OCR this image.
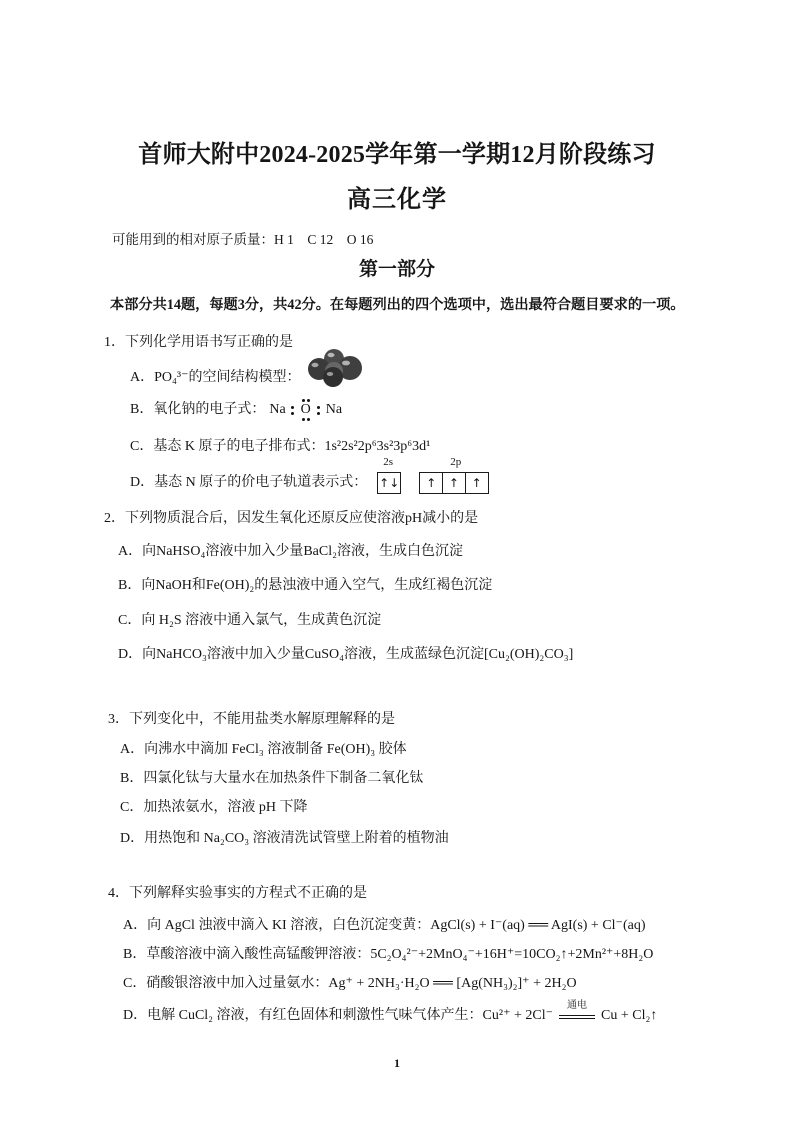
首师大附中2024-2025学年第一学期12月阶段练习
高三化学
可能用到的相对原子质量：H 1　C 12　O 16
第一部分
本部分共14题，每题3分，共42分。在每题列出的四个选项中，选出最符合题目要求的一项。
1．下列化学用语书写正确的是
A．PO₄³⁻的空间结构模型：
B．氧化钠的电子式： Na
O
Na
C．基态 K 原子的电子排布式：1s²2s²2p⁶3s²3p⁶3d¹
D．基态 N 原子的价电子轨道表示式：
2s
↑↓
2p
↑	↑	↑
2．下列物质混合后，因发生氧化还原反应使溶液pH减小的是
A．向NaHSO₄溶液中加入少量BaCl₂溶液，生成白色沉淀
B．向NaOH和Fe(OH)₂的悬浊液中通入空气，生成红褐色沉淀
C．向 H₂S 溶液中通入氯气，生成黄色沉淀
D．向NaHCO₃溶液中加入少量CuSO₄溶液，生成蓝绿色沉淀[Cu₂(OH)₂CO₃]
3．下列变化中，不能用盐类水解原理解释的是
A．向沸水中滴加 FeCl₃ 溶液制备 Fe(OH)₃ 胶体
B．四氯化钛与大量水在加热条件下制备二氧化钛
C．加热浓氨水，溶液 pH 下降
D．用热饱和 Na₂CO₃ 溶液清洗试管壁上附着的植物油
4．下列解释实验事实的方程式不正确的是
A．向 AgCl 浊液中滴入 KI 溶液，白色沉淀变黄：AgCl(s) + I⁻(aq) ══ AgI(s) + Cl⁻(aq)
B．草酸溶液中滴入酸性高锰酸钾溶液：5C₂O₄²⁻+2MnO₄⁻+16H⁺=10CO₂↑+2Mn²⁺+8H₂O
C．硝酸银溶液中加入过量氨水：Ag⁺ + 2NH₃·H₂O ══ [Ag(NH₃)₂]⁺ + 2H₂O
D．电解 CuCl₂ 溶液，有红色固体和刺激性气味气体产生：Cu²⁺ + 2Cl⁻
通电
Cu + Cl₂↑
1
